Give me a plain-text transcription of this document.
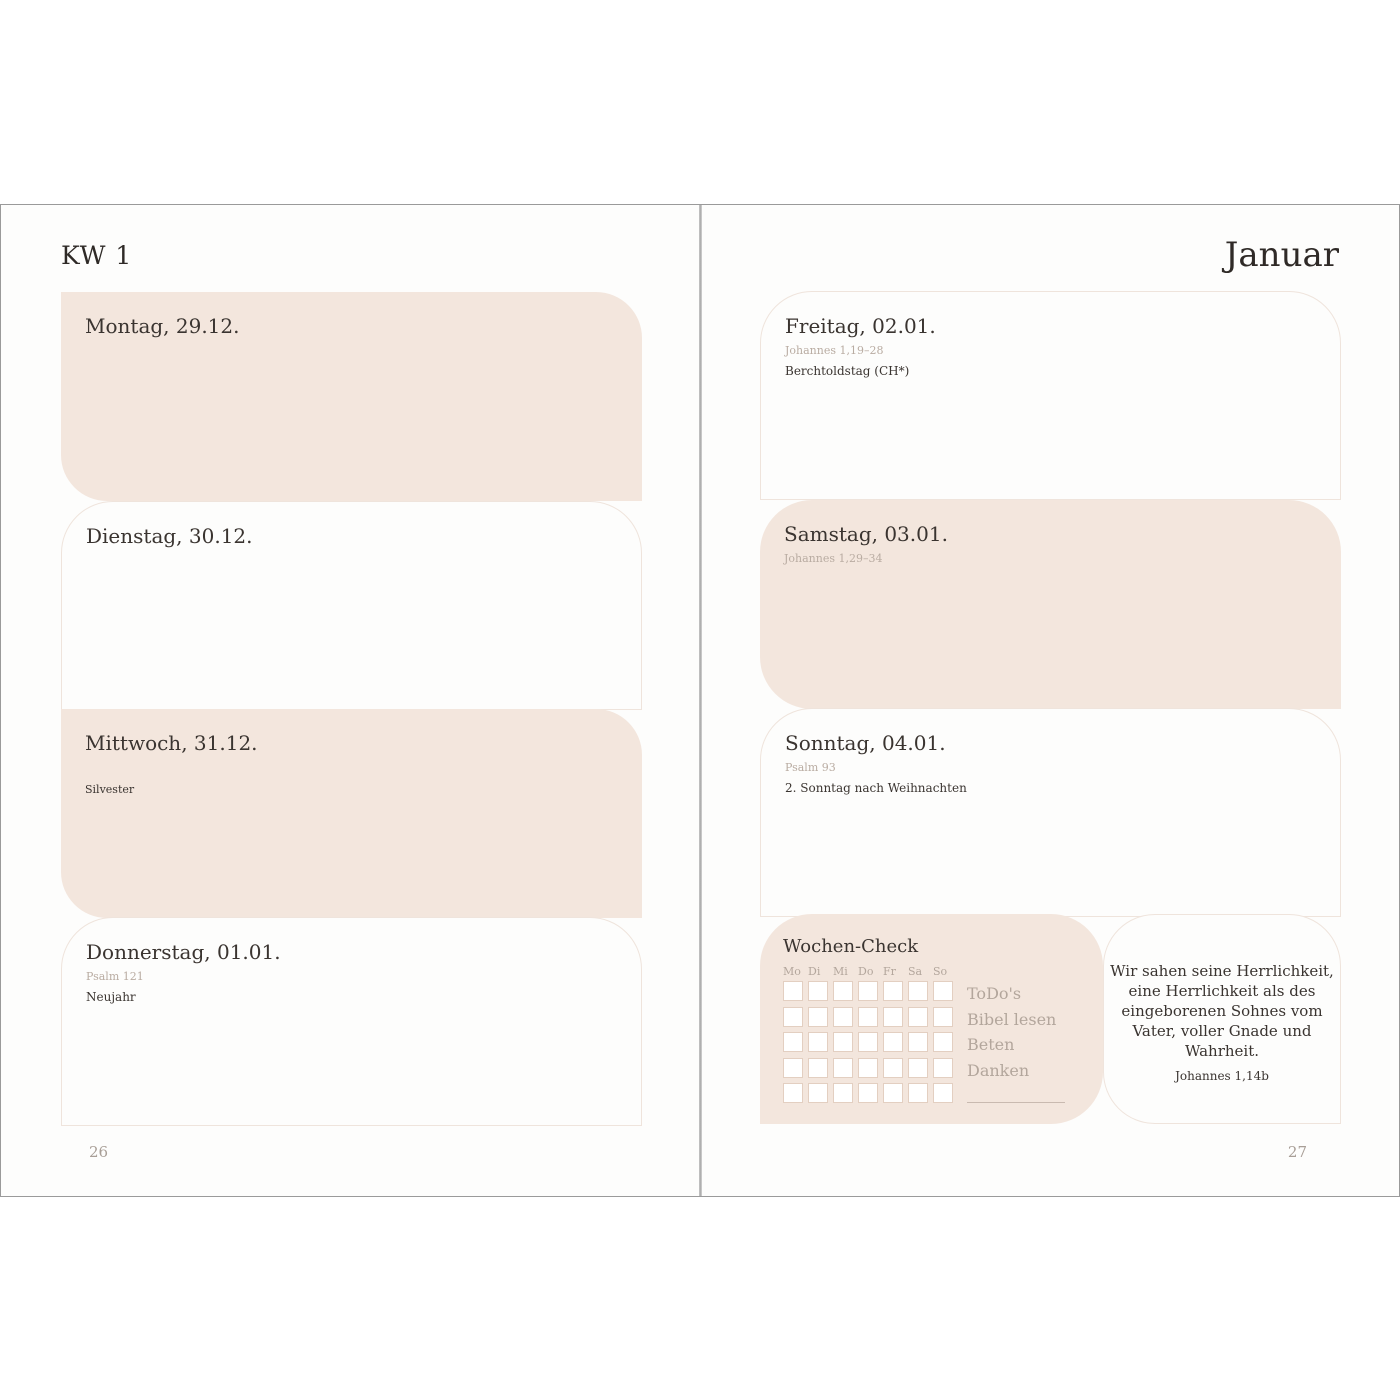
KW 1
Montag, 29.12.
Dienstag, 30.12.
Mittwoch, 31.12.
Silvester
Donnerstag, 01.01.
Psalm 121
Neujahr
26
Januar
27
Freitag, 02.01.
Johannes 1,19–28
Berchtoldstag (CH*)
Samstag, 03.01.
Johannes 1,29–34
Sonntag, 04.01.
Psalm 93
2. Sonntag nach Weihnachten
Wochen-Check
Mo Di	Mi Do Fr	Sa So
ToDo's
Bibel lesen
Beten
Danken
Wir sahen seine Herrlichkeit, eine Herrlichkeit als des eingeborenen Sohnes vom Vater, voller Gnade und Wahrheit.
Johannes 1,14b
